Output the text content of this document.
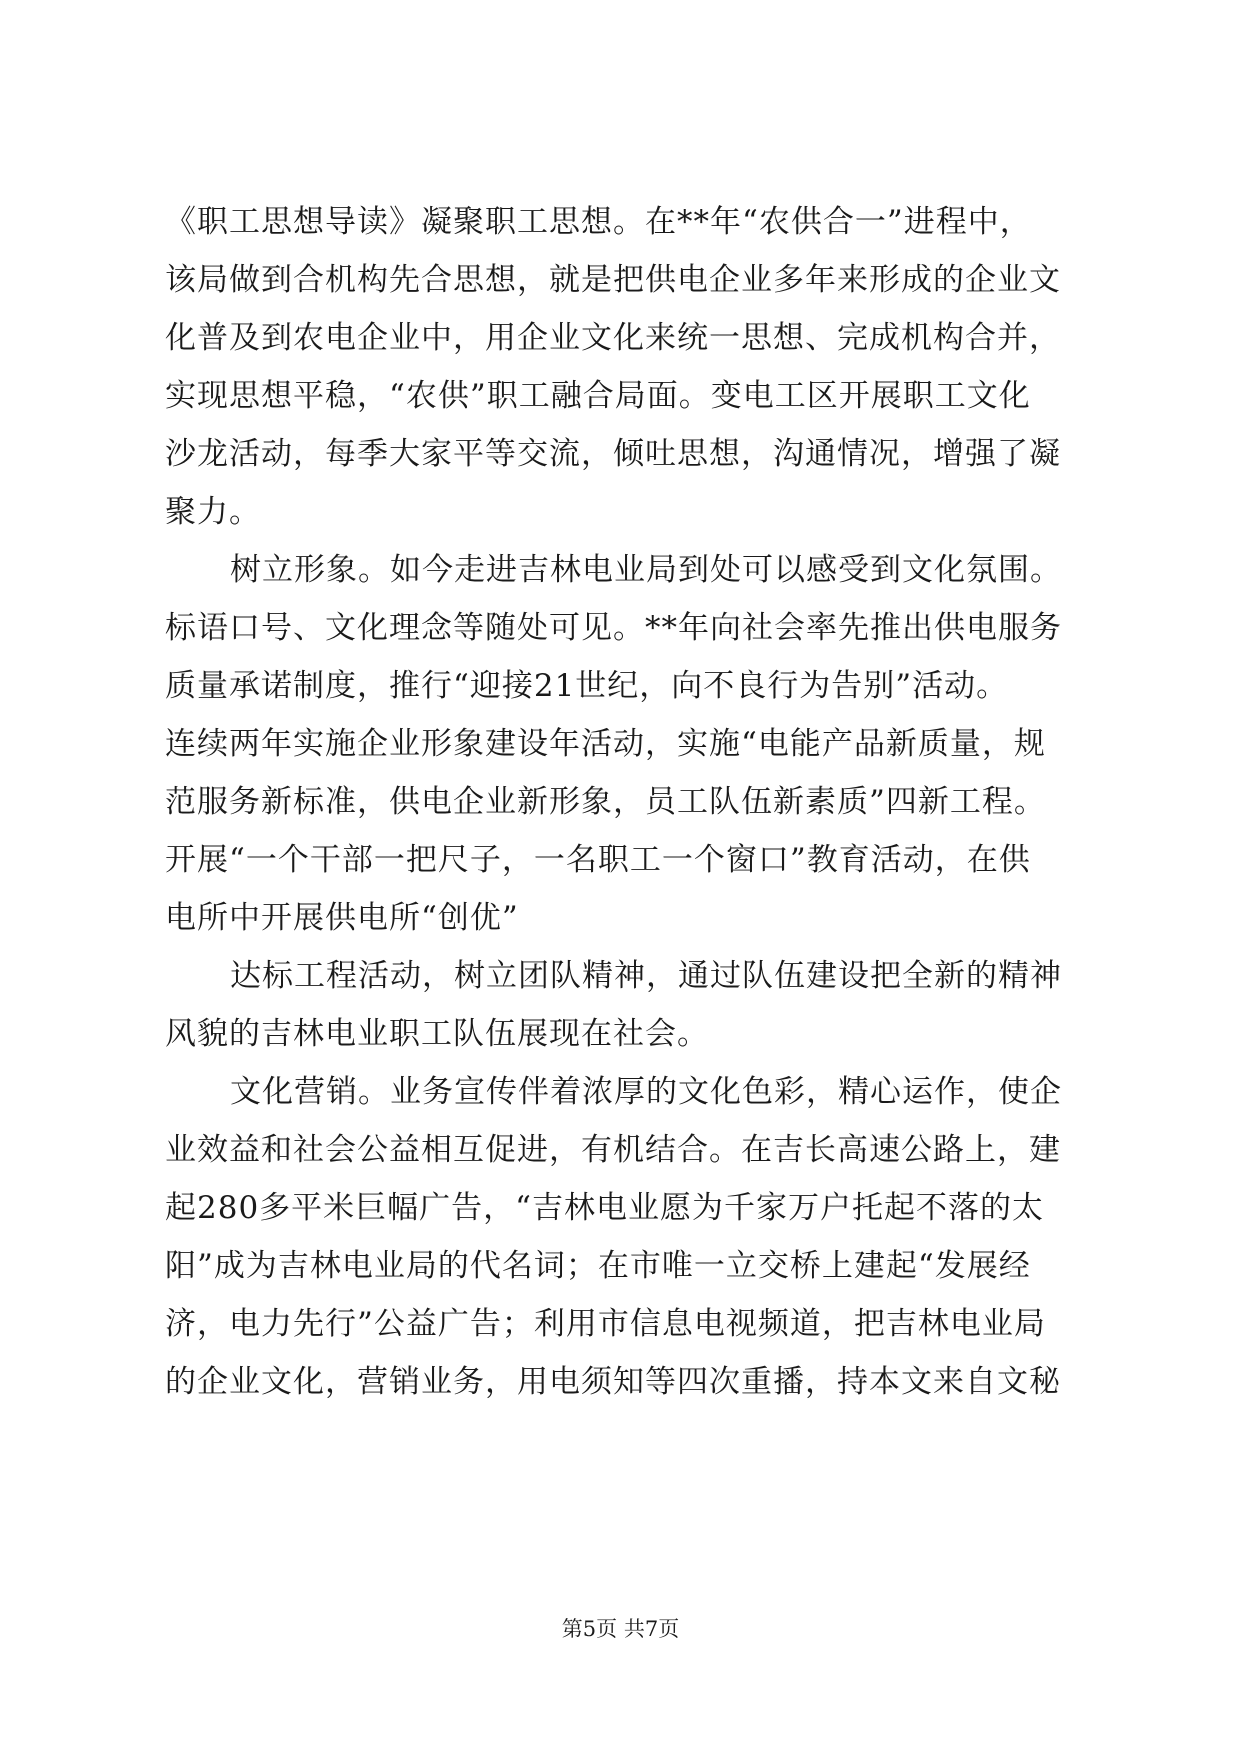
《职工思想导读》凝聚职工思想。在**年“农供合一”进程中，
该局做到合机构先合思想，就是把供电企业多年来形成的企业文
化普及到农电企业中，用企业文化来统一思想、完成机构合并，
实现思想平稳，“农供”职工融合局面。变电工区开展职工文化
沙龙活动，每季大家平等交流，倾吐思想，沟通情况，增强了凝
聚力。
树立形象。如今走进吉林电业局到处可以感受到文化氛围。
标语口号、文化理念等随处可见。**年向社会率先推出供电服务
质量承诺制度，推行“迎接21世纪，向不良行为告别”活动。
连续两年实施企业形象建设年活动，实施“电能产品新质量，规
范服务新标准，供电企业新形象，员工队伍新素质”四新工程。
开展“一个干部一把尺子，一名职工一个窗口”教育活动，在供
电所中开展供电所“创优”
达标工程活动，树立团队精神，通过队伍建设把全新的精神
风貌的吉林电业职工队伍展现在社会。
文化营销。业务宣传伴着浓厚的文化色彩，精心运作，使企
业效益和社会公益相互促进，有机结合。在吉长高速公路上，建
起280多平米巨幅广告，“吉林电业愿为千家万户托起不落的太
阳”成为吉林电业局的代名词；在市唯一立交桥上建起“发展经
济，电力先行”公益广告；利用市信息电视频道，把吉林电业局
的企业文化，营销业务，用电须知等四次重播，持本文来自文秘
第5页 共7页
